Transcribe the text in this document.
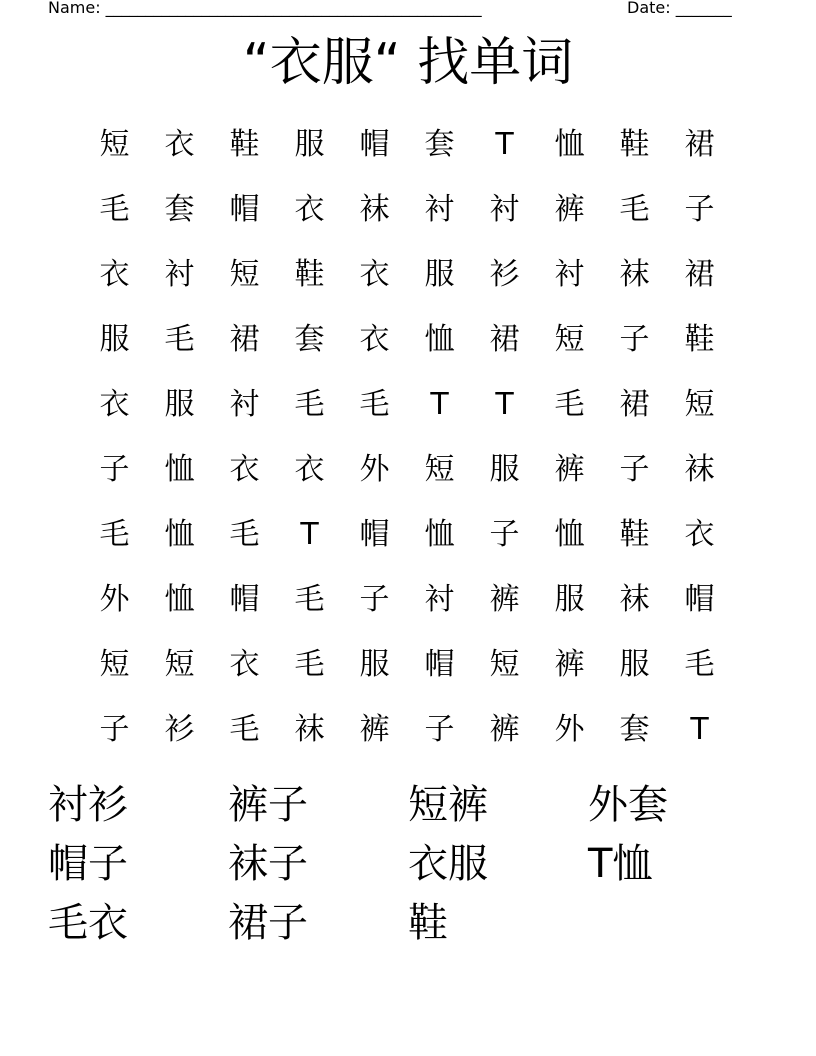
Name: _______________________________________________	Date: _______
“衣服“ 找单词
短	衣	鞋	服	帽	套	T	恤	鞋	裙
毛	套	帽	衣	袜	衬	衬	裤	毛	子
衣	衬	短	鞋	衣	服	衫	衬	袜	裙
服	毛	裙	套	衣	恤	裙	短	子	鞋
衣	服	衬	毛	毛	T	T	毛	裙	短
子	恤	衣	衣	外	短	服	裤	子	袜
毛	恤	毛	T	帽	恤	子	恤	鞋	衣
外	恤	帽	毛	子	衬	裤	服	袜	帽
短	短	衣	毛	服	帽	短	裤	服	毛
子	衫	毛	袜	裤	子	裤	外	套	T
衬衫	裤子	短裤	外套
帽子	袜子	衣服	T恤
毛衣	裙子	鞋
